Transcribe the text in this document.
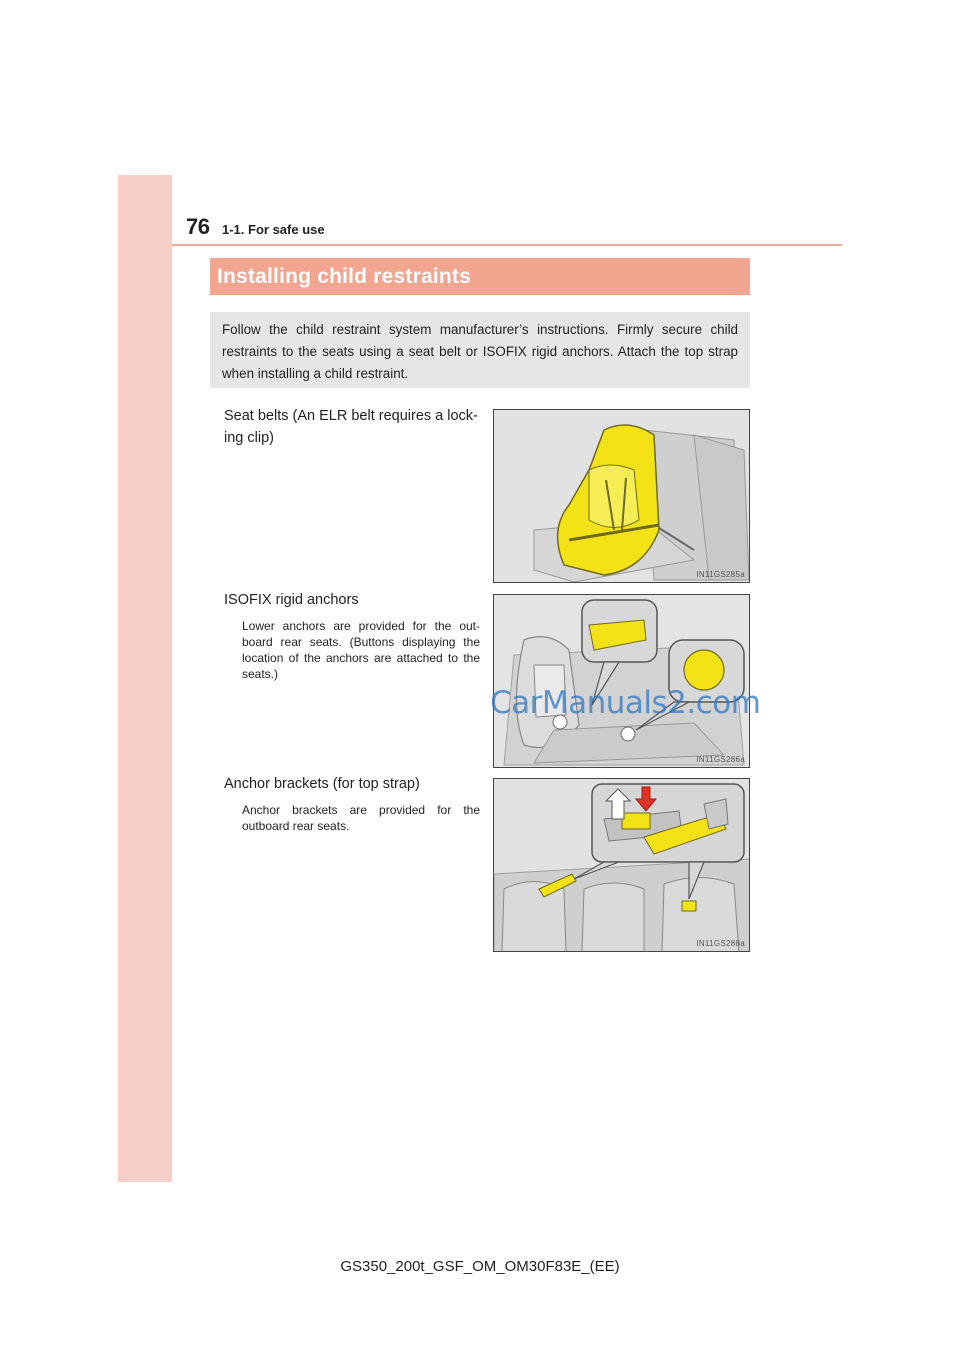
76 1-1. For safe use
Installing child restraints
Follow the child restraint system manufacturer’s instructions. Firmly secure child restraints to the seats using a seat belt or ISOFIX rigid anchors. Attach the top strap when installing a child restraint.
Seat belts (An ELR belt requires a lock-ing clip)
IN11GS285a
ISOFIX rigid anchors
Lower anchors are provided for the out-board rear seats. (Buttons displaying the location of the anchors are attached to the seats.)
IN11GS286a
Anchor brackets (for top strap)
Anchor brackets are provided for the outboard rear seats.
IN11GS288a
CarManuals2.com
GS350_200t_GSF_OM_OM30F83E_(EE)
